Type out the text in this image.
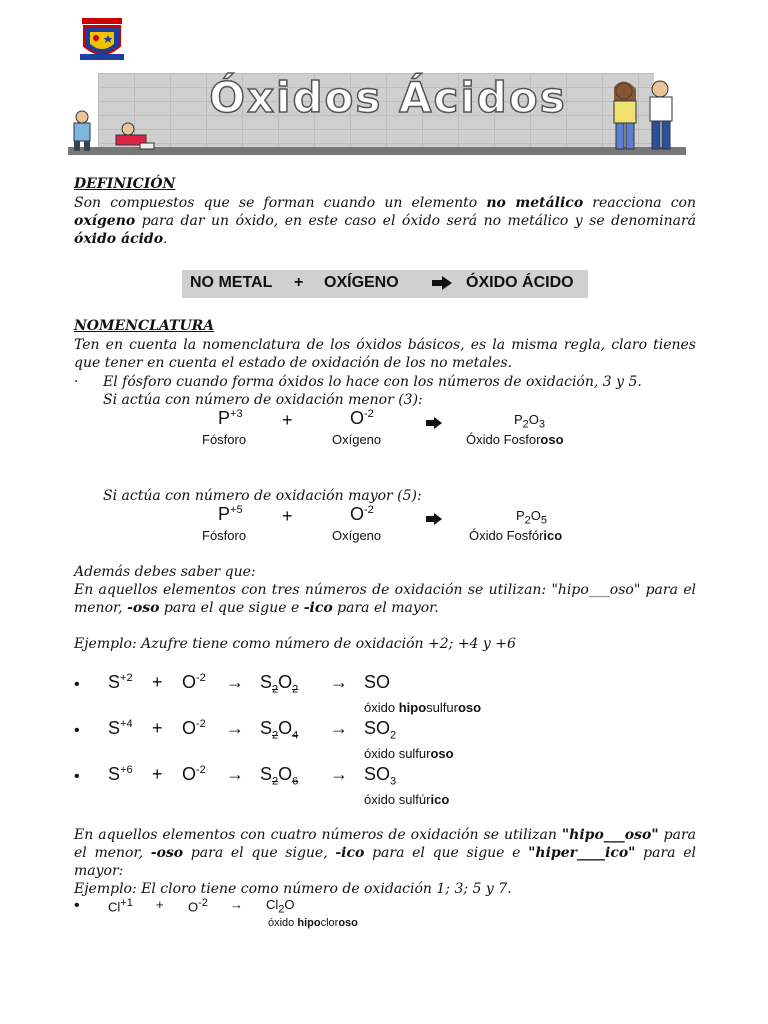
Óxidos Ácidos
DEFINICIÓN
Son compuestos que se forman cuando un elemento no metálico reacciona con oxígeno para dar un óxido, en este caso el óxido será no metálico y se denominará óxido ácido.
NO METAL + OXÍGENO	ÓXIDO ÁCIDO
NOMENCLATURA
Ten en cuenta la nomenclatura de los óxidos básicos, es la misma regla, claro tienes que tener en cuenta el estado de oxidación de los no metales.
· El fósforo cuando forma óxidos lo hace con los números de oxidación, 3 y 5.
Si actúa con número de oxidación menor (3):
$P^{+3}$ +	$O^{-2}$	$P_2O_3$
Fósforo	Oxígeno	Óxido Fosforoso
Si actúa con número de oxidación mayor (5):
$P^{+5}$ +	$O^{-2}$	$P_2O_5$
Fósforo	Oxígeno	Óxido Fosfórico
Además debes saber que:
En aquellos elementos con tres números de oxidación se utilizan: "hipo___oso" para el menor, -oso para el que sigue e -ico para el mayor.
Ejemplo: Azufre tiene como número de oxidación +2; +4 y +6
• $S^{+2} + O^{-2} \to S_2O_2$ → SO
óxido hiposulfuroso
• $S^{+4} + O^{-2} \to S_2O_4 \to SO_2$
óxido sulfuroso
• $S^{+6} + O^{-2} \to S_2O_6 \to SO_3$
óxido sulfúrico
En aquellos elementos con cuatro números de oxidación se utilizan "hipo___oso" para el menor, -oso para el que sigue, -ico para el que sigue e "hiper____ico" para el mayor:
Ejemplo: El cloro tiene como número de oxidación 1; 3; 5 y 7.
• $Cl^{+1} + O^{-2} \to Cl_2O$
óxido hipocloroso
